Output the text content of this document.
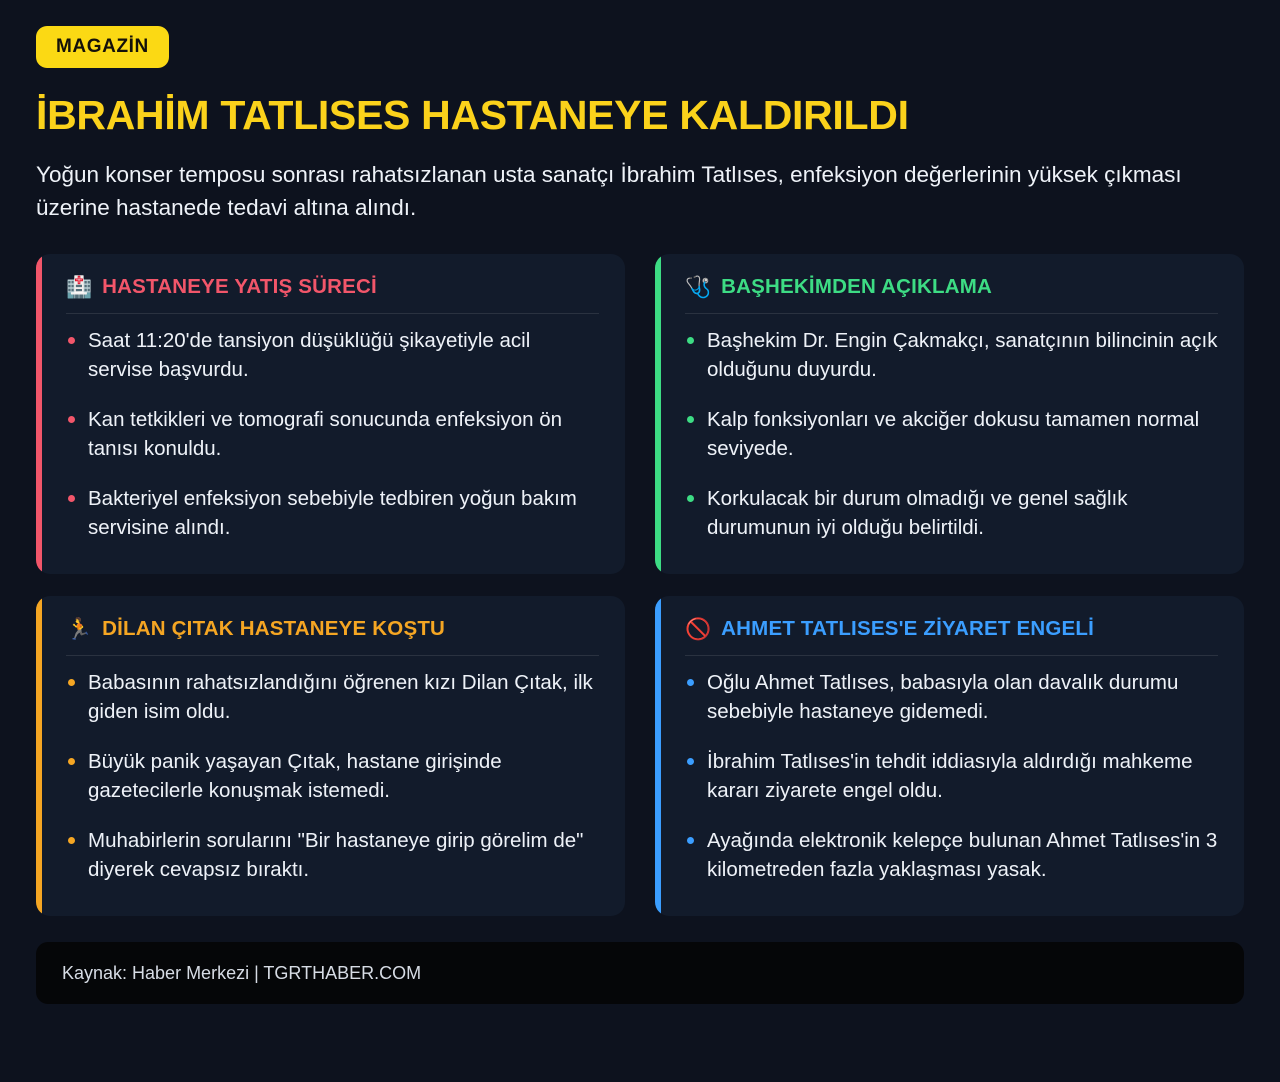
MAGAZİN
İBRAHİM TATLISES HASTANEYE KALDIRILDI

Yoğun konser temposu sonrası rahatsızlanan usta sanatçı İbrahim Tatlıses, enfeksiyon değerlerinin yüksek çıkması üzerine hastanede tedavi altına alındı.

🏥 HASTANEYE YATIŞ SÜRECİ
Saat 11:20'de tansiyon düşüklüğü şikayetiyle acil servise başvurdu.
Kan tetkikleri ve tomografi sonucunda enfeksiyon ön tanısı konuldu.
Bakteriyel enfeksiyon sebebiyle tedbiren yoğun bakım servisine alındı.
🩺 BAŞHEKİMDEN AÇIKLAMA
Başhekim Dr. Engin Çakmakçı, sanatçının bilincinin açık olduğunu duyurdu.
Kalp fonksiyonları ve akciğer dokusu tamamen normal seviyede.
Korkulacak bir durum olmadığı ve genel sağlık durumunun iyi olduğu belirtildi.
🏃 DİLAN ÇITAK HASTANEYE KOŞTU
Babasının rahatsızlandığını öğrenen kızı Dilan Çıtak, ilk giden isim oldu.
Büyük panik yaşayan Çıtak, hastane girişinde gazetecilerle konuşmak istemedi.
Muhabirlerin sorularını "Bir hastaneye girip görelim de" diyerek cevapsız bıraktı.
🚫 AHMET TATLISES'E ZİYARET ENGELİ
Oğlu Ahmet Tatlıses, babasıyla olan davalık durumu sebebiyle hastaneye gidemedi.
İbrahim Tatlıses'in tehdit iddiasıyla aldırdığı mahkeme kararı ziyarete engel oldu.
Ayağında elektronik kelepçe bulunan Ahmet Tatlıses'in 3 kilometreden fazla yaklaşması yasak.
Kaynak: Haber Merkezi | TGRTHABER.COM
